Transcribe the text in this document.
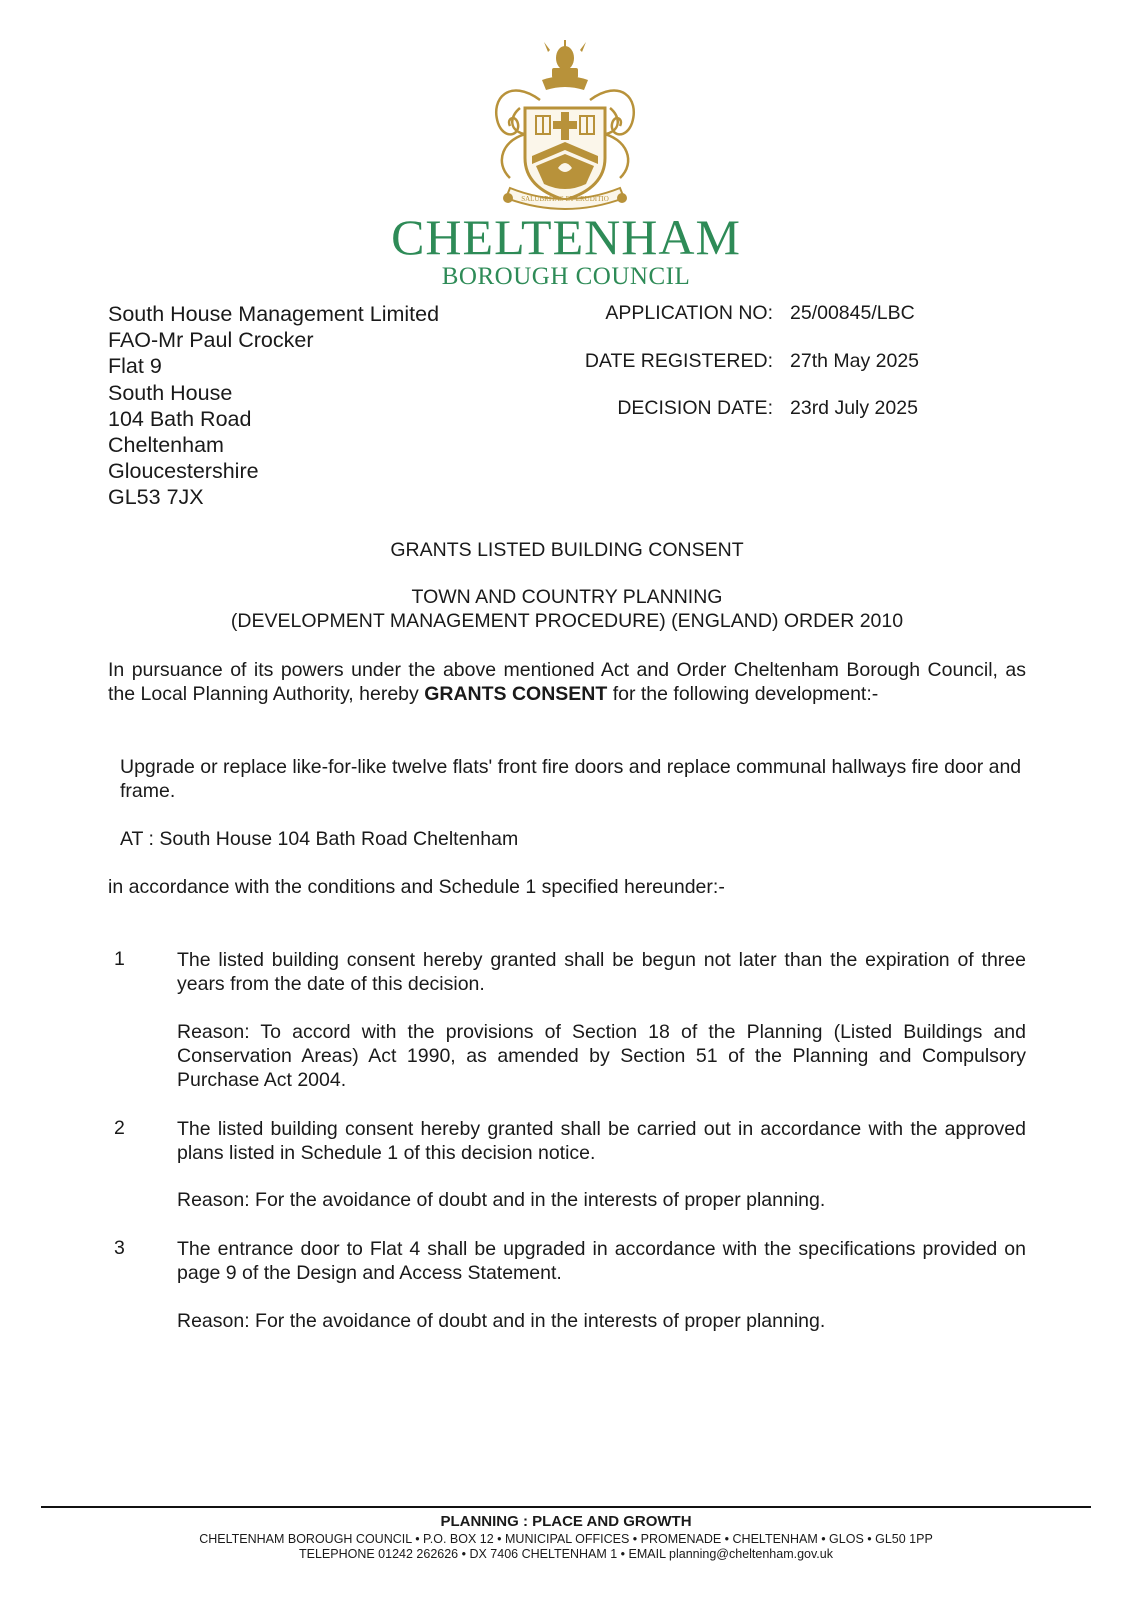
SALUBRITAS ET ERUDITIO
CHELTENHAM
BOROUGH COUNCIL
South House Management Limited
FAO-Mr Paul Crocker
Flat 9
South House
104 Bath Road
Cheltenham
Gloucestershire
GL53 7JX
APPLICATION NO: 25/00845/LBC
DATE REGISTERED: 27th May 2025
DECISION DATE: 23rd July 2025
GRANTS LISTED BUILDING CONSENT
TOWN AND COUNTRY PLANNING
(DEVELOPMENT MANAGEMENT PROCEDURE) (ENGLAND) ORDER 2010
In pursuance of its powers under the above mentioned Act and Order Cheltenham Borough Council, as the Local Planning Authority, hereby GRANTS CONSENT for the following development:-
Upgrade or replace like-for-like twelve flats' front fire doors and replace communal hallways fire door and frame.
AT : South House 104 Bath Road Cheltenham
in accordance with the conditions and Schedule 1 specified hereunder:-
1	The listed building consent hereby granted shall be begun not later than the expiration of three years from the date of this decision.
Reason: To accord with the provisions of Section 18 of the Planning (Listed Buildings and Conservation Areas) Act 1990, as amended by Section 51 of the Planning and Compulsory Purchase Act 2004.
2	The listed building consent hereby granted shall be carried out in accordance with the approved plans listed in Schedule 1 of this decision notice.
Reason: For the avoidance of doubt and in the interests of proper planning.
3	The entrance door to Flat 4 shall be upgraded in accordance with the specifications provided on page 9 of the Design and Access Statement.
Reason: For the avoidance of doubt and in the interests of proper planning.
PLANNING : PLACE AND GROWTH
CHELTENHAM BOROUGH COUNCIL • P.O. BOX 12 • MUNICIPAL OFFICES • PROMENADE • CHELTENHAM • GLOS • GL50 1PP
TELEPHONE 01242 262626 • DX 7406 CHELTENHAM 1 • EMAIL planning@cheltenham.gov.uk
